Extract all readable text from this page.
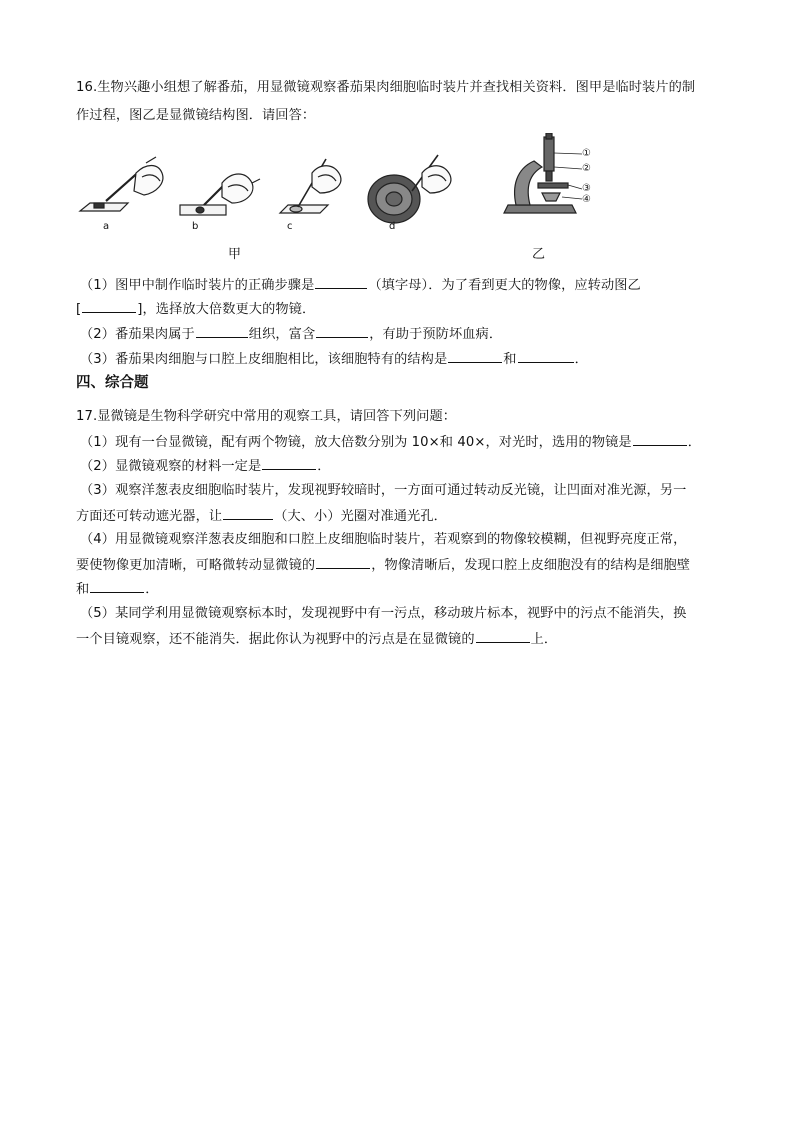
16.生物兴趣小组想了解番茄，用显微镜观察番茄果肉细胞临时装片并查找相关资料．图甲是临时装片的制
作过程，图乙是显微镜结构图．请回答：
①
②
③
④
a	b	c	d
甲	乙
（1）图甲中制作临时装片的正确步骤是	（填字母）．为了看到更大的物像，应转动图乙
[	]，选择放大倍数更大的物镜．
（2）番茄果肉属于	组织，富含	，有助于预防坏血病．
（3）番茄果肉细胞与口腔上皮细胞相比，该细胞特有的结构是	和	．
四、综合题
17.显微镜是生物科学研究中常用的观察工具，请回答下列问题：
（1）现有一台显微镜，配有两个物镜，放大倍数分别为 10×和 40×，对光时，选用的物镜是	．
（2）显微镜观察的材料一定是	．
（3）观察洋葱表皮细胞临时装片，发现视野较暗时，一方面可通过转动反光镜，让凹面对准光源，另一
方面还可转动遮光器，让	（大、小）光圈对准通光孔．
（4）用显微镜观察洋葱表皮细胞和口腔上皮细胞临时装片，若观察到的物像较模糊，但视野亮度正常，
要使物像更加清晰，可略微转动显微镜的	，物像清晰后，发现口腔上皮细胞没有的结构是细胞壁
和	．
（5）某同学利用显微镜观察标本时，发现视野中有一污点，移动玻片标本，视野中的污点不能消失，换
一个目镜观察，还不能消失．据此你认为视野中的污点是在显微镜的	上．
